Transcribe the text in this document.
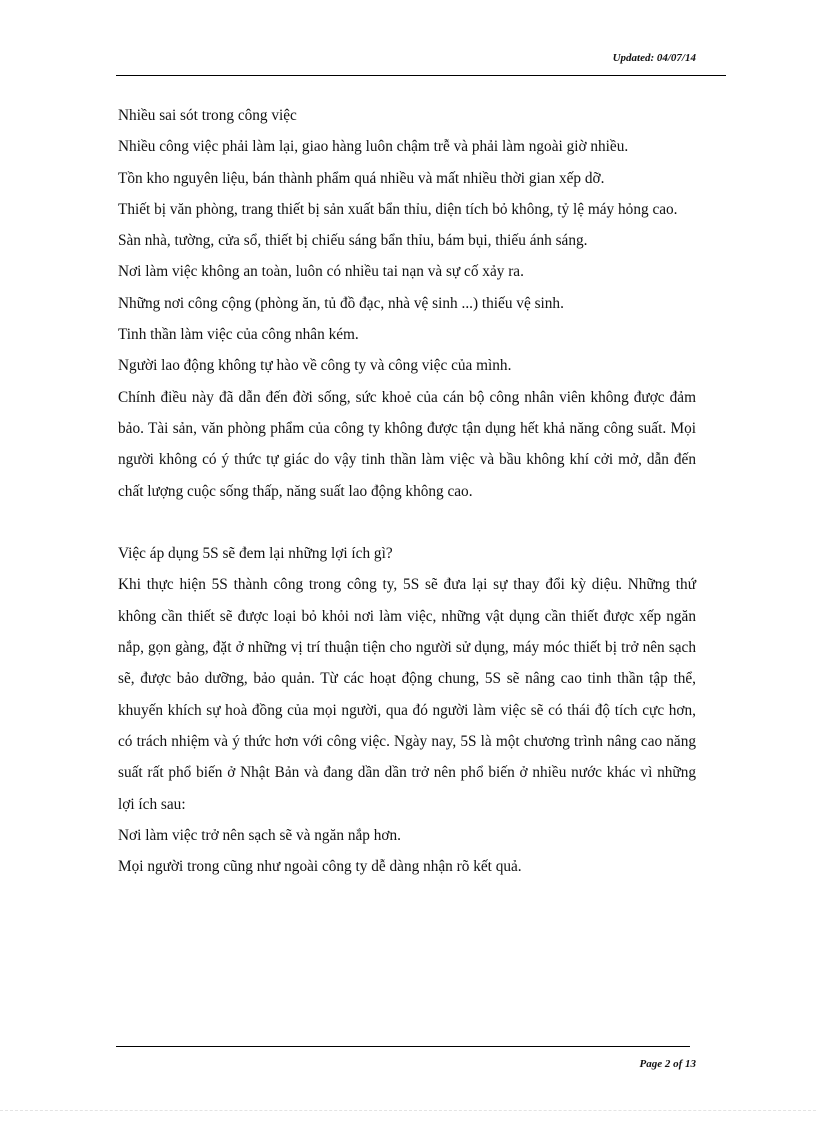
Updated: 04/07/14

Nhiều sai sót trong công việc

Nhiều công việc phải làm lại, giao hàng luôn chậm trễ và phải làm ngoài giờ nhiều.

Tồn kho nguyên liệu, bán thành phẩm quá nhiều và mất nhiều thời gian xếp dỡ.

Thiết bị văn phòng, trang thiết bị sản xuất bẩn thỉu, diện tích bỏ không, tỷ lệ máy hỏng cao.

Sàn nhà, tường, cửa sổ, thiết bị chiếu sáng bẩn thỉu, bám bụi, thiếu ánh sáng.

Nơi làm việc không an toàn, luôn có nhiều tai nạn và sự cố xảy ra.

Những nơi công cộng (phòng ăn, tủ đồ đạc, nhà vệ sinh ...) thiếu vệ sinh.

Tinh thần làm việc của công nhân kém.

Người lao động không tự hào về công ty và công việc của mình.

Chính điều này đã dẫn đến đời sống, sức khoẻ của cán bộ công nhân viên không được đảm bảo. Tài sản, văn phòng phẩm của công ty không được tận dụng hết khả năng công suất. Mọi người không có ý thức tự giác do vậy tinh thần làm việc và bầu không khí cởi mở, dẫn đến chất lượng cuộc sống thấp, năng suất lao động không cao.

Việc áp dụng 5S sẽ đem lại những lợi ích gì?

Khi thực hiện 5S thành công trong công ty, 5S sẽ đưa lại sự thay đổi kỳ diệu. Những thứ không cần thiết sẽ được loại bỏ khỏi nơi làm việc, những vật dụng cần thiết được xếp ngăn nắp, gọn gàng, đặt ở những vị trí thuận tiện cho người sử dụng, máy móc thiết bị trở nên sạch sẽ, được bảo dưỡng, bảo quản. Từ các hoạt động chung, 5S sẽ nâng cao tinh thần tập thể, khuyến khích sự hoà đồng của mọi người, qua đó người làm việc sẽ có thái độ tích cực hơn, có trách nhiệm và ý thức hơn với công việc. Ngày nay, 5S là một chương trình nâng cao năng suất rất phổ biến ở Nhật Bản và đang dần dần trở nên phổ biến ở nhiều nước khác vì những lợi ích sau:

Nơi làm việc trở nên sạch sẽ và ngăn nắp hơn.

Mọi người trong cũng như ngoài công ty dễ dàng nhận rõ kết quả.

Page 2 of 13
